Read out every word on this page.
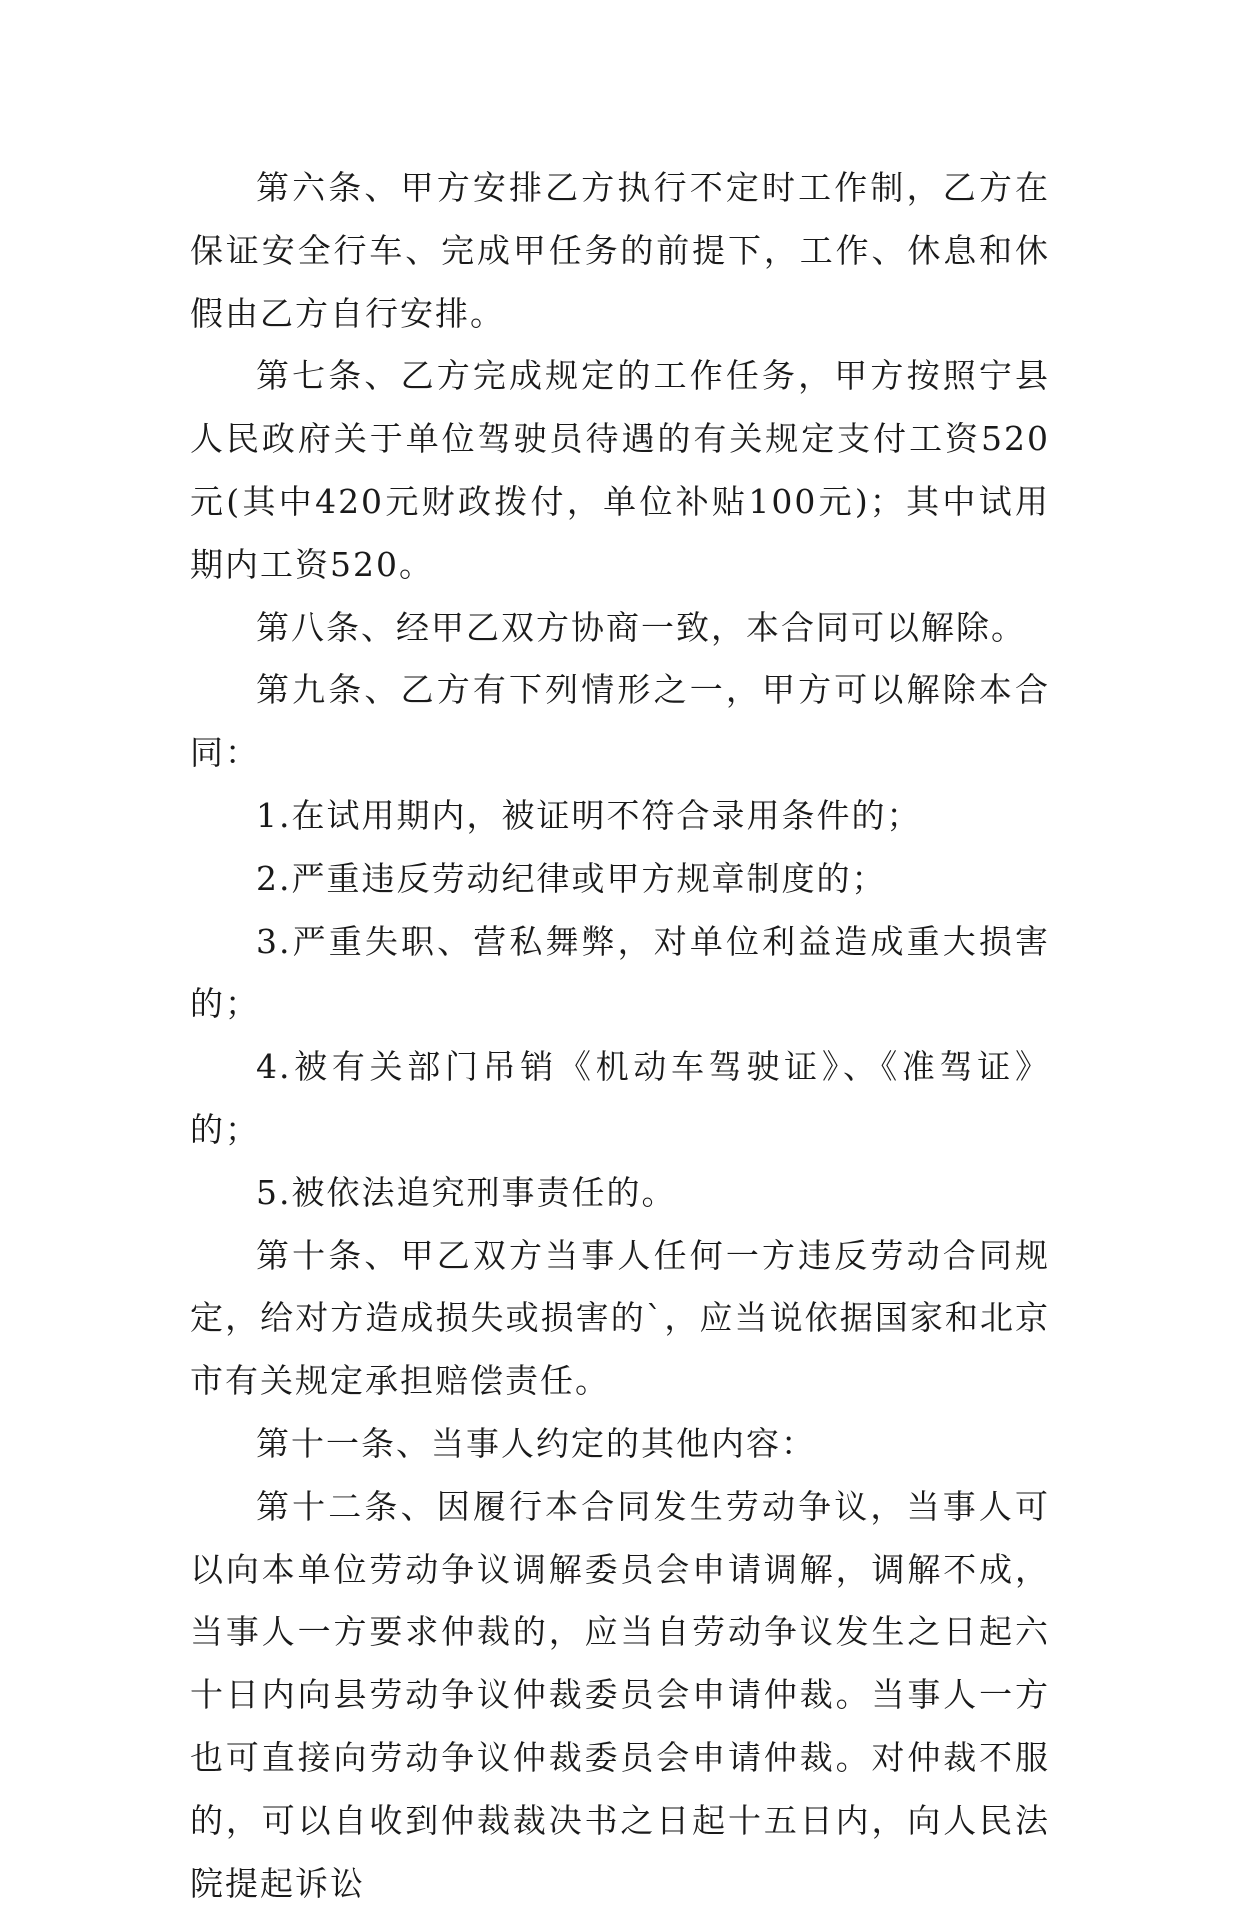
第六条、甲方安排乙方执行不定时工作制，乙方在保证安全行车、完成甲任务的前提下，工作、休息和休假由乙方自行安排。

第七条、乙方完成规定的工作任务，甲方按照宁县人民政府关于单位驾驶员待遇的有关规定支付工资520元(其中420元财政拨付，单位补贴100元)；其中试用期内工资520。

第八条、经甲乙双方协商一致，本合同可以解除。

第九条、乙方有下列情形之一，甲方可以解除本合同：

1.在试用期内，被证明不符合录用条件的；

2.严重违反劳动纪律或甲方规章制度的；

3.严重失职、营私舞弊，对单位利益造成重大损害的；

4.被有关部门吊销《机动车驾驶证》、《准驾证》的；

5.被依法追究刑事责任的。

第十条、甲乙双方当事人任何一方违反劳动合同规定，给对方造成损失或损害的`，应当说依据国家和北京市有关规定承担赔偿责任。

第十一条、当事人约定的其他内容：

第十二条、因履行本合同发生劳动争议，当事人可以向本单位劳动争议调解委员会申请调解，调解不成，当事人一方要求仲裁的，应当自劳动争议发生之日起六十日内向县劳动争议仲裁委员会申请仲裁。当事人一方也可直接向劳动争议仲裁委员会申请仲裁。对仲裁不服的，可以自收到仲裁裁决书之日起十五日内，向人民法院提起诉讼
